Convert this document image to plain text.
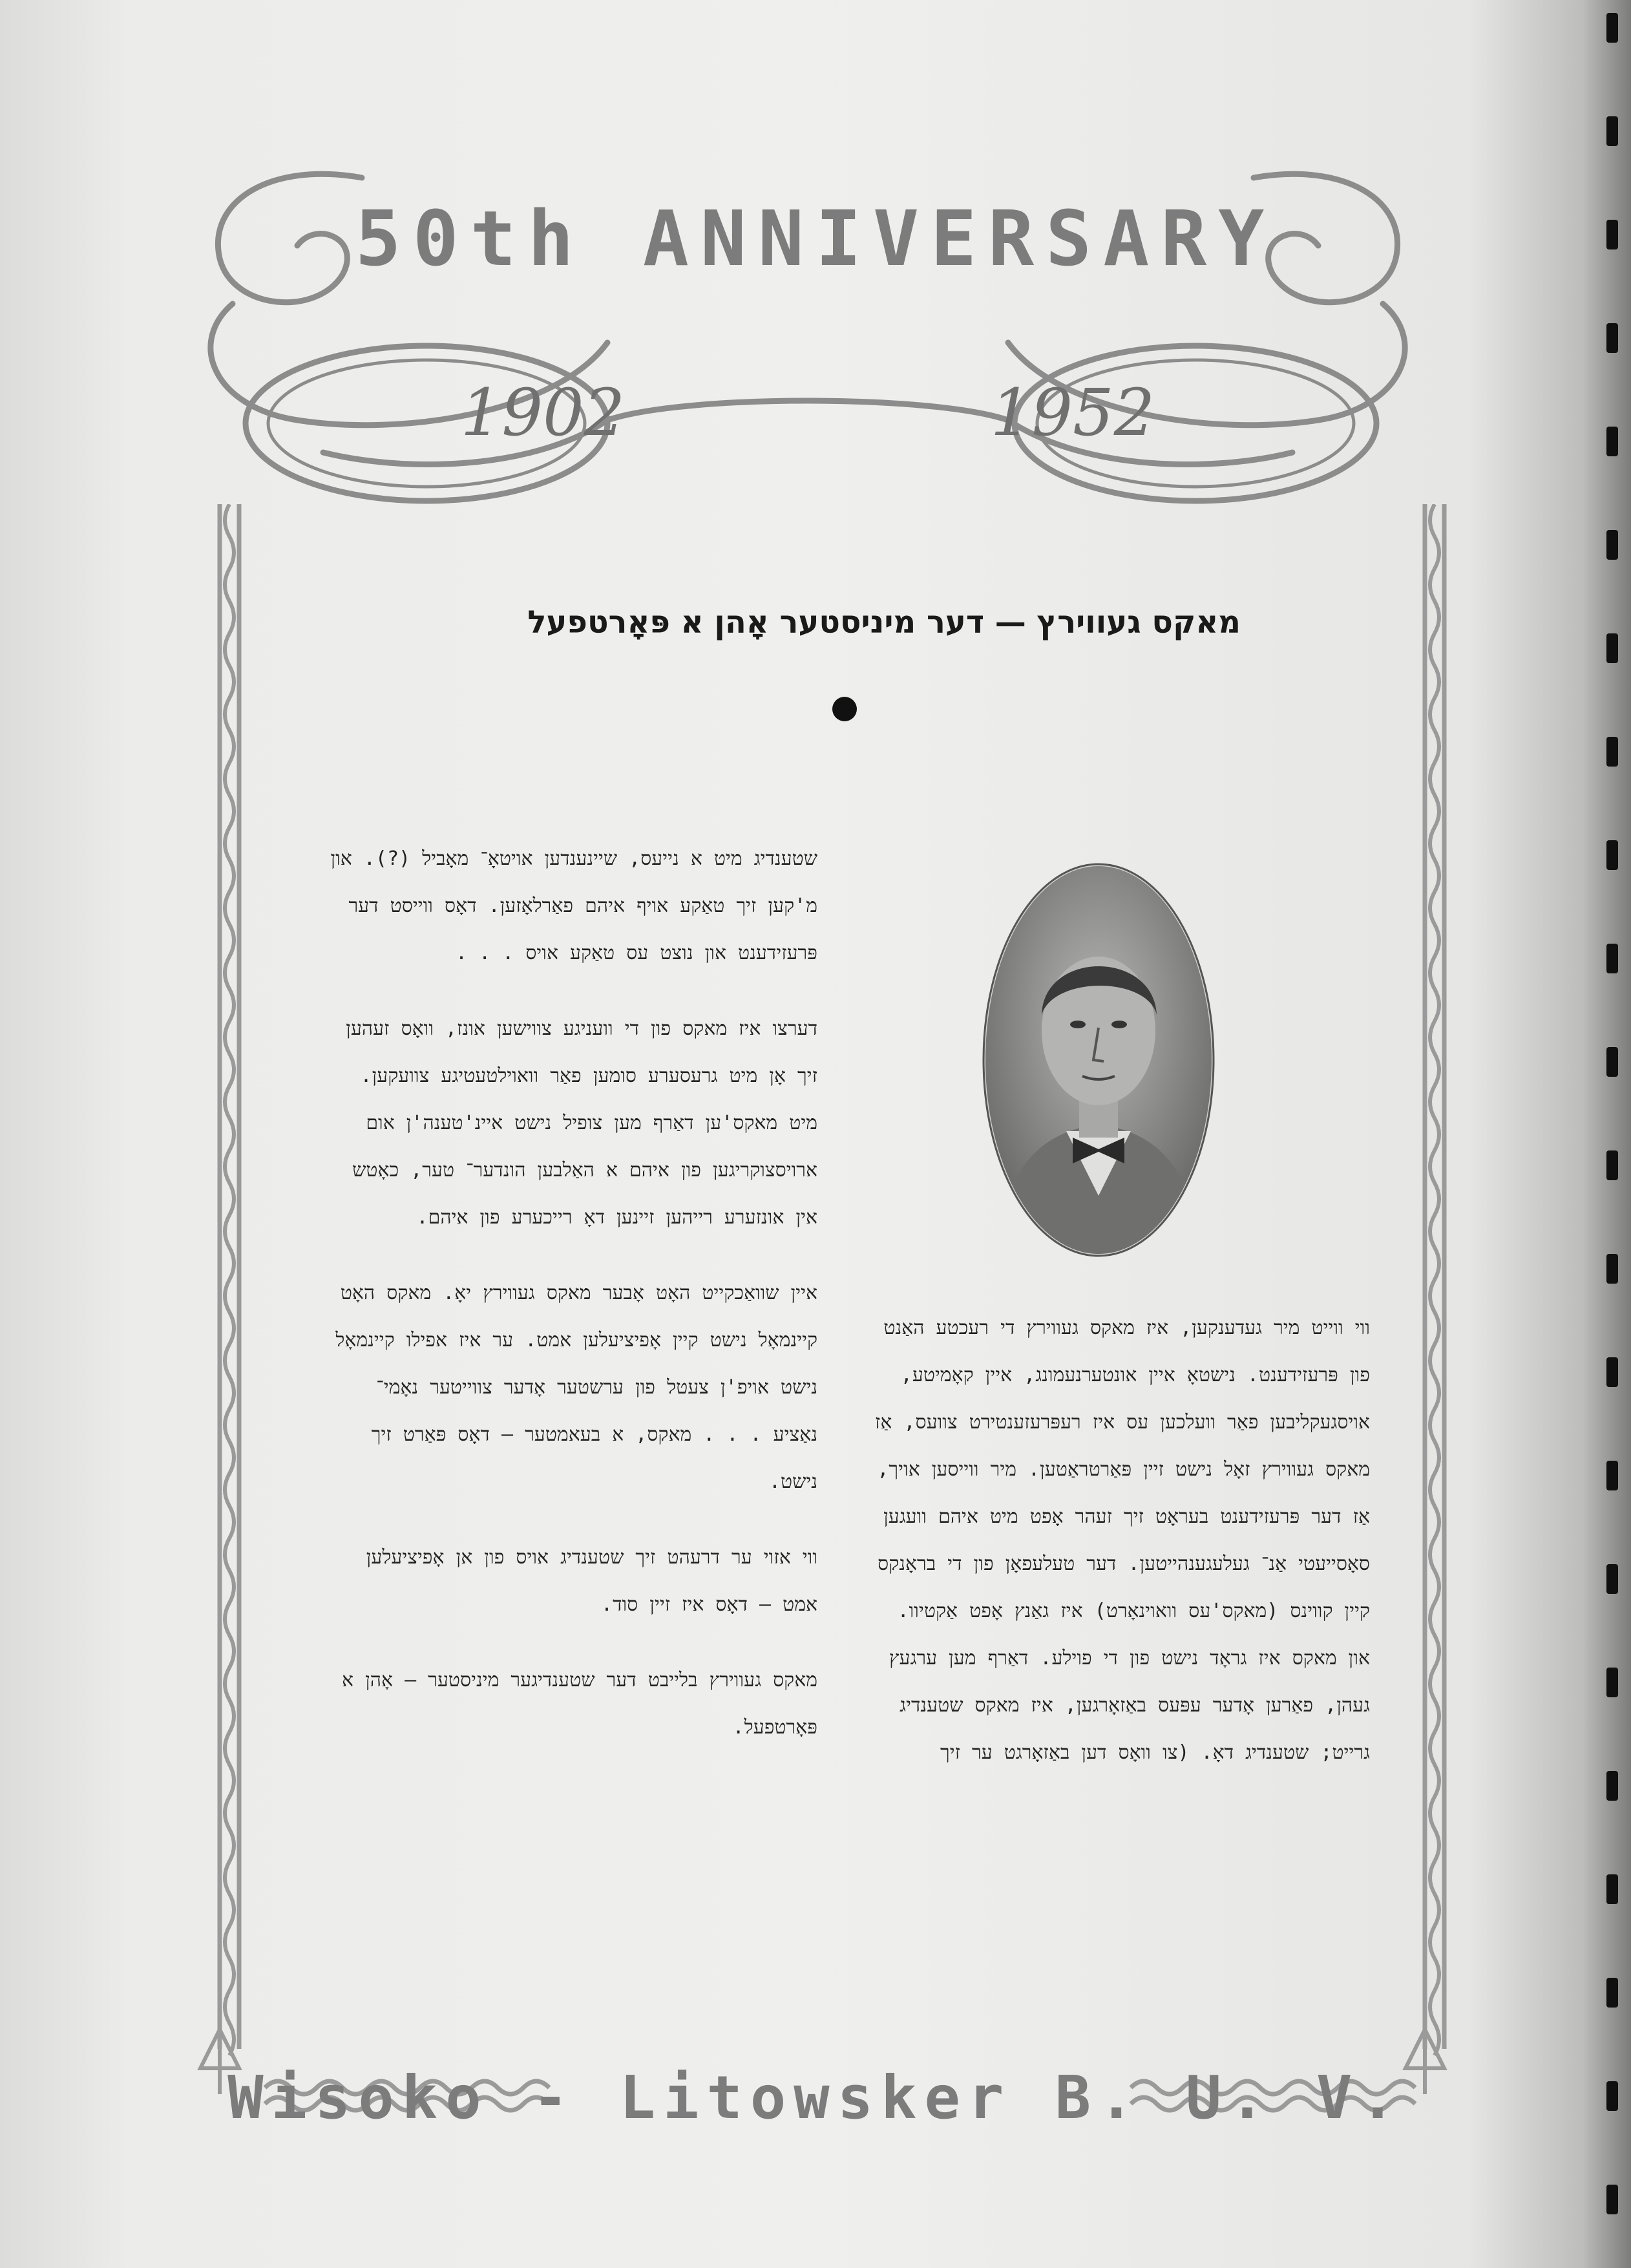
50th ANNIVERSARY
1902	1952
מאקס געווירץ — דער מיניסטער אָהן א פּאָרטפעל

שטענדיג מיט א נייעס, שיינענדען אויטאָ־ מאָביל (?). און מ'קען זיך טאַקע אויף איהם פאַרלאָזען. דאָס ווייסט דער פּרעזידענט און נוצט עס טאַקע אויס . . .

דערצו איז מאקס פון די וועניגע צווישען אונז, וואָס זעהען זיך אָן מיט גרעסערע סומען פאַר וואוילטעטיגע צוועקען. מיט מאקס'ען דאַרף מען צופיל נישט איינ'טענה'ן אום ארויסצוקריגען פון איהם א האַלבען הונדער־ טער, כאָטש אין אונזערע רייהען זיינען דאָ רייכערע פון איהם.

איין שוואַכקייט האָט אָבער מאקס געווירץ יאָ. מאקס האָט קיינמאָל נישט קיין אָפיציעלען אמט. ער איז אפילו קיינמאָל נישט אויפ'ן צעטל פון ערשטער אָדער צווייטער נאָמי־ נאַציע . . . מאקס, א בעאמטער — דאָס פּאַרט זיך נישט.

ווי אזוי ער דרעהט זיך שטענדיג אויס פון אן אָפיציעלען אמט — דאָס איז זיין סוד.

מאקס געווירץ בלייבט דער שטענדיגער מיניסטער — אָהן א פּאָרטפעל.

ווי ווייט מיר געדענקען, איז מאקס געווירץ די רעכטע האַנט פון פּרעזידענט. נישטאָ איין אונטערנעמונג, איין קאָמיטע, אויסגעקליבען פאַר וועלכען עס איז רעפּרעזענטירט צוועס, אַז מאקס געווירץ זאָל נישט זיין פּאַרטראַטען. מיר ווייסען אויך, אַז דער פּרעזידענט בעראָט זיך זעהר אָפט מיט איהם וועגען סאָסייעטי אַנ־ געלעגענהייטען. דער טעלעפאָן פון די בראָנקס קיין קווינס (מאקס'עס וואוינאָרט) איז גאַנץ אָפט אַקטיוו. און מאקס איז גראָד נישט פון די פוילע. דאַרף מען ערגעץ געהן, פאַרען אָדער עפּעס באַזאָרגען, איז מאקס שטענדיג גרייט; שטענדיג דאָ. (צו וואָס דען באַזאָרגט ער זיך

Wisoko - Litowsker B. U. V.
